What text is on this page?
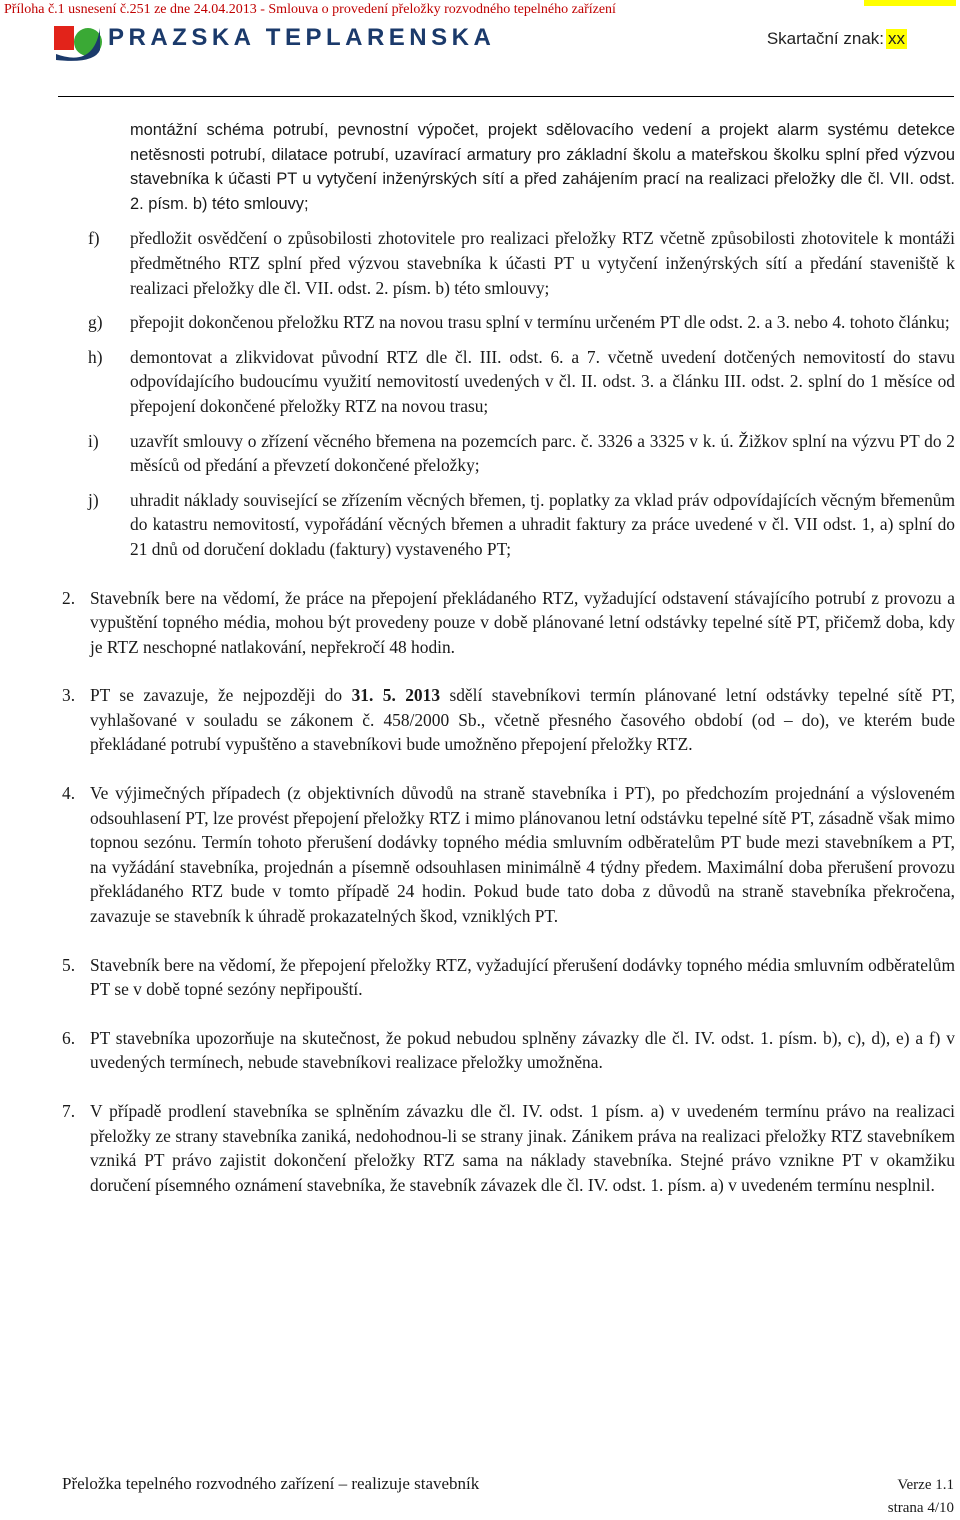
Příloha č.1 usnesení č.251 ze dne 24.04.2013 - Smlouva o provedení přeložky rozvodného tepelného zařízení
PRAZSKA TEPLARENSKA	Skartační znak: xx
montážní schéma potrubí, pevnostní výpočet, projekt sdělovacího vedení a projekt alarm systému detekce netěsnosti potrubí, dilatace potrubí, uzavírací armatury pro základní školu a mateřskou školku splní před výzvou stavebníka k účasti PT u vytyčení inženýrských sítí a před zahájením prací na realizaci přeložky dle čl. VII. odst. 2. písm. b) této smlouvy;
f) předložit osvědčení o způsobilosti zhotovitele pro realizaci přeložky RTZ včetně způsobilosti zhotovitele k montáži předmětného RTZ splní před výzvou stavebníka k účasti PT u vytyčení inženýrských sítí a předání staveniště k realizaci přeložky dle čl. VII. odst. 2. písm. b) této smlouvy;
g) přepojit dokončenou přeložku RTZ na novou trasu splní v termínu určeném PT dle odst. 2. a 3. nebo 4. tohoto článku;
h) demontovat a zlikvidovat původní RTZ dle čl. III. odst. 6. a 7. včetně uvedení dotčených nemovitostí do stavu odpovídajícího budoucímu využití nemovitostí uvedených v čl. II. odst. 3. a článku III. odst. 2. splní do 1 měsíce od přepojení dokončené přeložky RTZ na novou trasu;
i) uzavřít smlouvy o zřízení věcného břemena na pozemcích parc. č. 3326 a 3325 v k. ú. Žižkov splní na výzvu PT do 2 měsíců od předání a převzetí dokončené přeložky;
j) uhradit náklady související se zřízením věcných břemen, tj. poplatky za vklad práv odpovídajících věcným břemenům do katastru nemovitostí, vypořádání věcných břemen a uhradit faktury za práce uvedené v čl. VII odst. 1, a) splní do 21 dnů od doručení dokladu (faktury) vystaveného PT;
2. Stavebník bere na vědomí, že práce na přepojení překládaného RTZ, vyžadující odstavení stávajícího potrubí z provozu a vypuštění topného média, mohou být provedeny pouze v době plánované letní odstávky tepelné sítě PT, přičemž doba, kdy je RTZ neschopné natlakování, nepřekročí 48 hodin.
3. PT se zavazuje, že nejpozději do 31. 5. 2013 sdělí stavebníkovi termín plánované letní odstávky tepelné sítě PT, vyhlašované v souladu se zákonem č. 458/2000 Sb., včetně přesného časového období (od – do), ve kterém bude překládané potrubí vypuštěno a stavebníkovi bude umožněno přepojení přeložky RTZ.
4. Ve výjimečných případech (z objektivních důvodů na straně stavebníka i PT), po předchozím projednání a výsloveném odsouhlasení PT, lze provést přepojení přeložky RTZ i mimo plánovanou letní odstávku tepelné sítě PT, zásadně však mimo topnou sezónu. Termín tohoto přerušení dodávky topného média smluvním odběratelům PT bude mezi stavebníkem a PT, na vyžádání stavebníka, projednán a písemně odsouhlasen minimálně 4 týdny předem. Maximální doba přerušení provozu překládaného RTZ bude v tomto případě 24 hodin. Pokud bude tato doba z důvodů na straně stavebníka překročena, zavazuje se stavebník k úhradě prokazatelných škod, vzniklých PT.
5. Stavebník bere na vědomí, že přepojení přeložky RTZ, vyžadující přerušení dodávky topného média smluvním odběratelům PT se v době topné sezóny nepřipouští.
6. PT stavebníka upozorňuje na skutečnost, že pokud nebudou splněny závazky dle čl. IV. odst. 1. písm. b), c), d), e) a f) v uvedených termínech, nebude stavebníkovi realizace přeložky umožněna.
7. V případě prodlení stavebníka se splněním závazku dle čl. IV. odst. 1 písm. a) v uvedeném termínu právo na realizaci přeložky ze strany stavebníka zaniká, nedohodnou-li se strany jinak. Zánikem práva na realizaci přeložky RTZ stavebníkem vzniká PT právo zajistit dokončení přeložky RTZ sama na náklady stavebníka. Stejné právo vznikne PT v okamžiku doručení písemného oznámení stavebníka, že stavebník závazek dle čl. IV. odst. 1. písm. a) v uvedeném termínu nesplnil.
Přeložka tepelného rozvodného zařízení – realizuje stavebník	Verze 1.1
strana 4/10
